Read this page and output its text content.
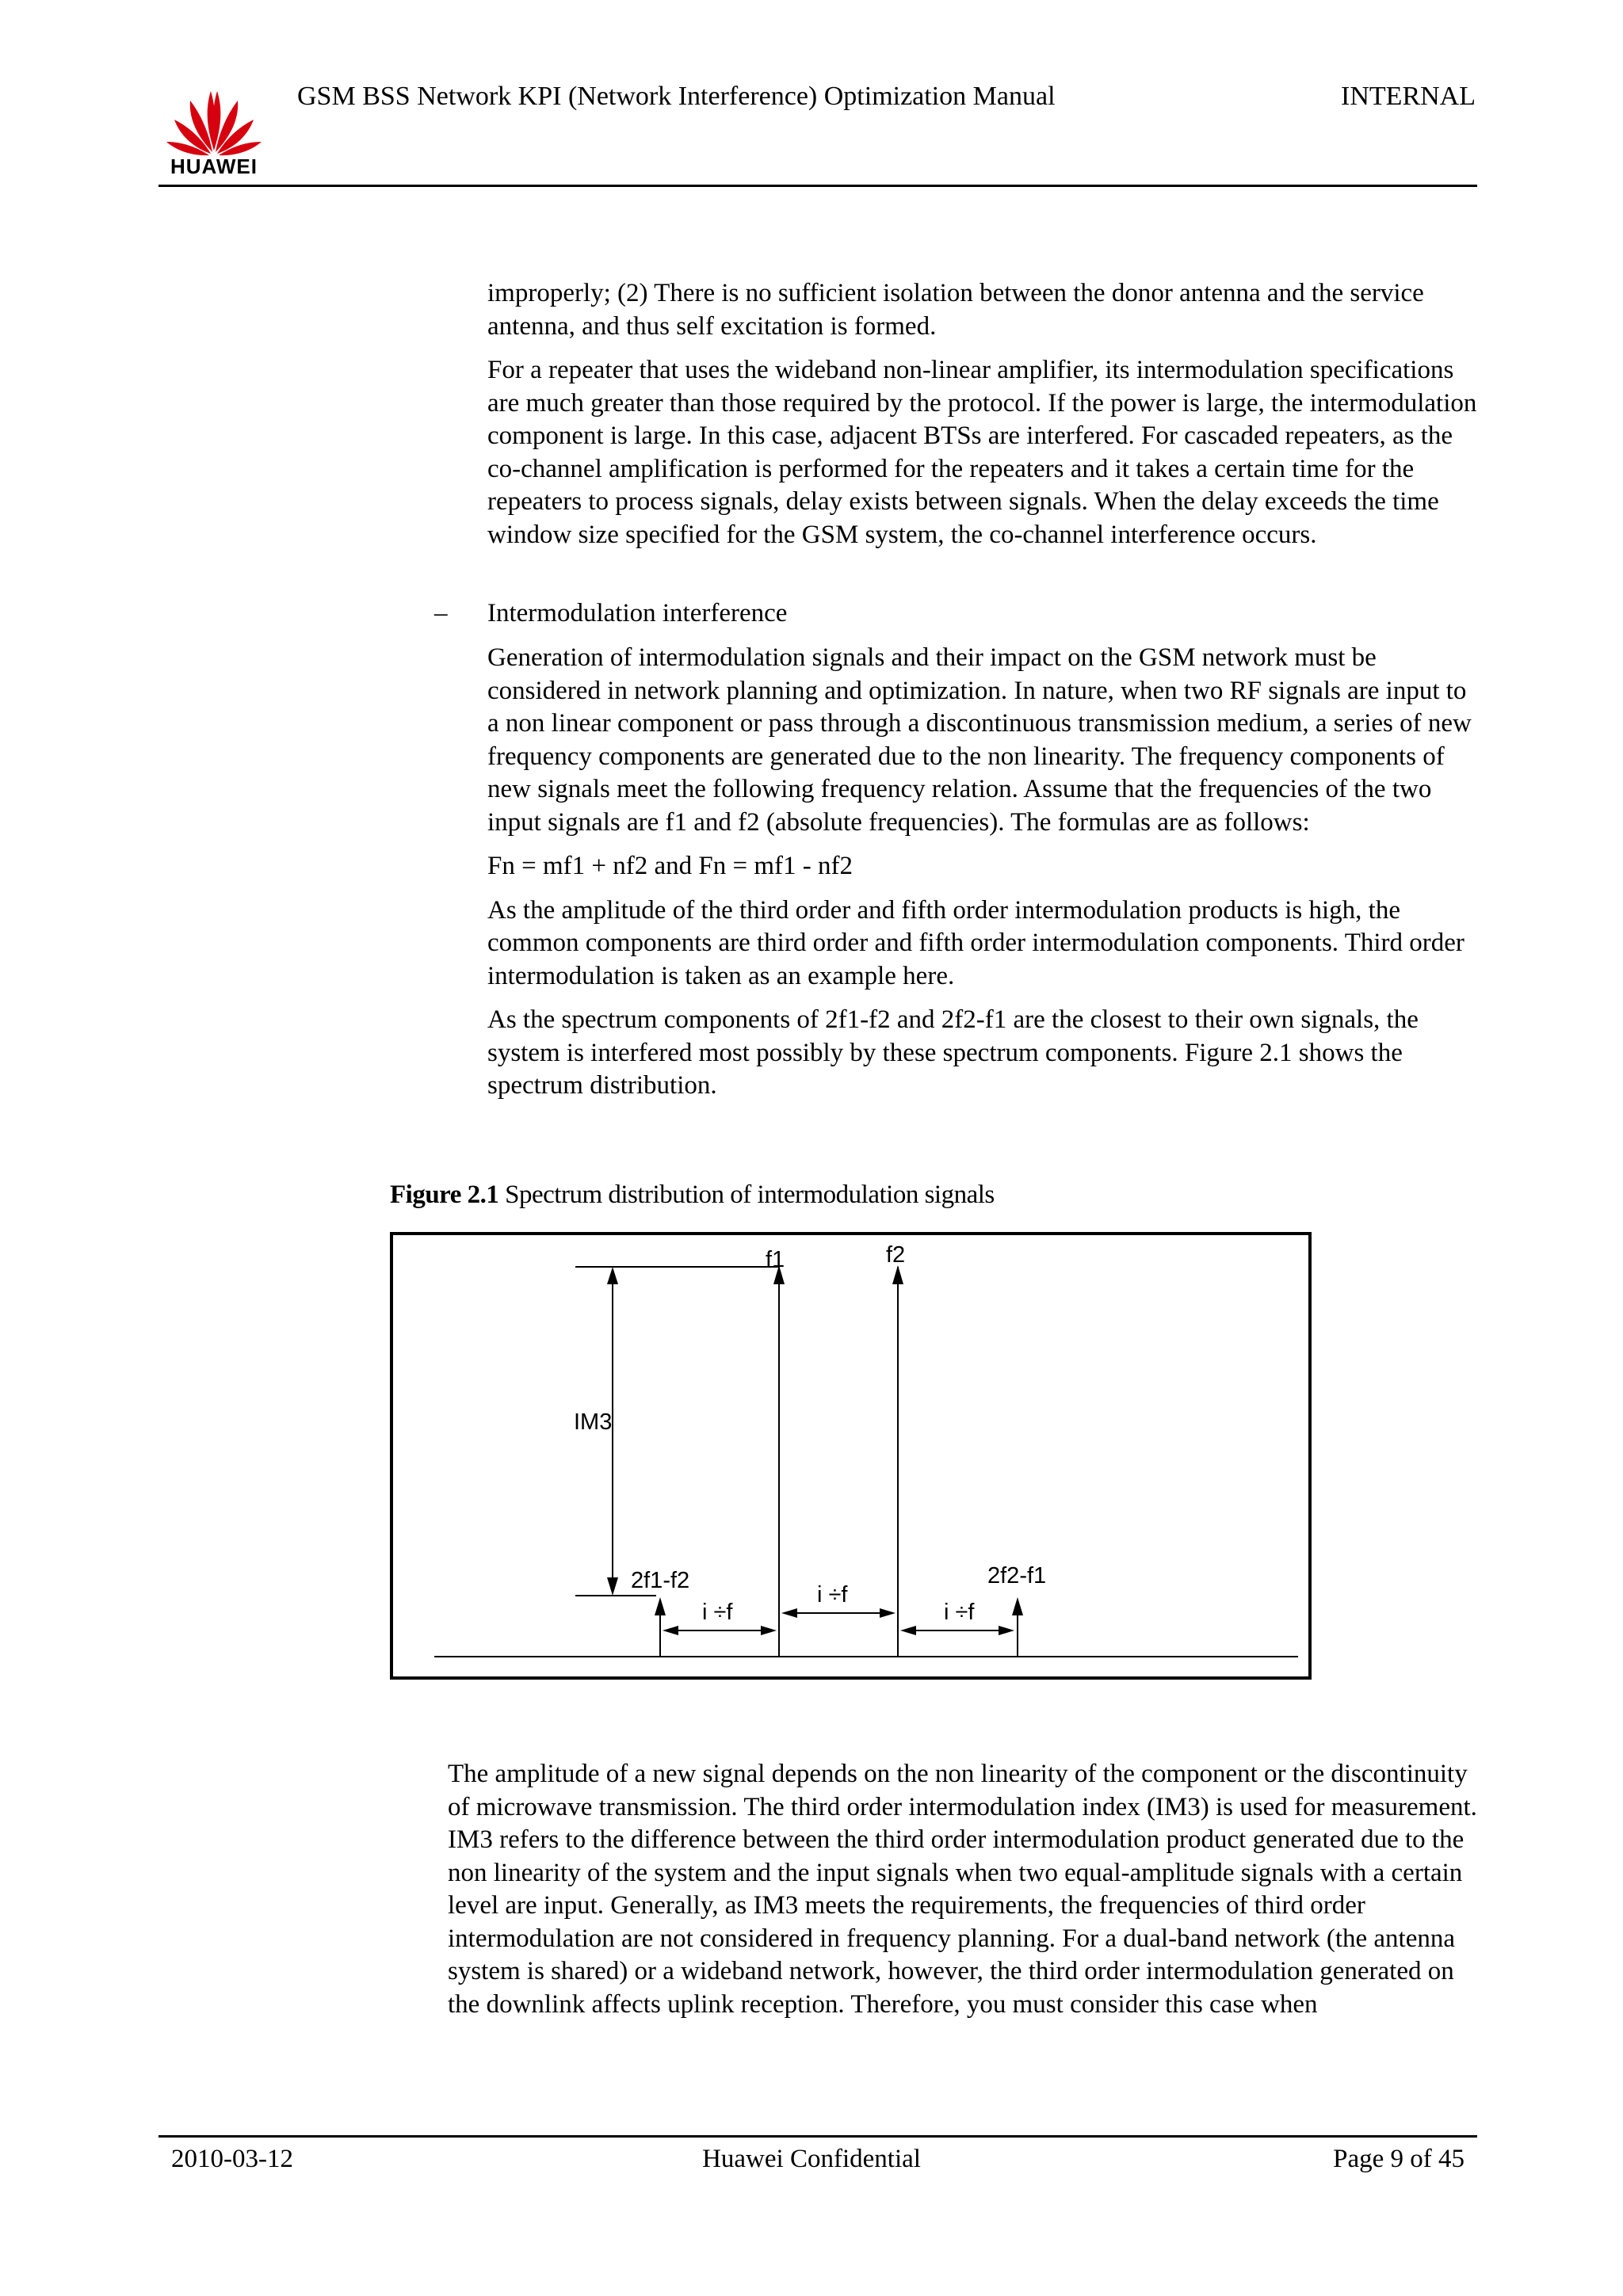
HUAWEI
GSM BSS Network KPI (Network Interference) Optimization Manual	INTERNAL

improperly; (2) There is no sufficient isolation between the donor antenna and the service antenna, and thus self excitation is formed.

For a repeater that uses the wideband non-linear amplifier, its intermodulation specifications are much greater than those required by the protocol. If the power is large, the intermodulation component is large. In this case, adjacent BTSs are interfered. For cascaded repeaters, as the co-channel amplification is performed for the repeaters and it takes a certain time for the repeaters to process signals, delay exists between signals. When the delay exceeds the time window size specified for the GSM system, the co-channel interference occurs.

– Intermodulation interference

Generation of intermodulation signals and their impact on the GSM network must be considered in network planning and optimization. In nature, when two RF signals are input to a non linear component or pass through a discontinuous transmission medium, a series of new frequency components are generated due to the non linearity. The frequency components of new signals meet the following frequency relation. Assume that the frequencies of the two input signals are f1 and f2 (absolute frequencies). The formulas are as follows:

Fn = mf1 + nf2 and Fn = mf1 - nf2

As the amplitude of the third order and fifth order intermodulation products is high, the common components are third order and fifth order intermodulation components. Third order intermodulation is taken as an example here.

As the spectrum components of 2f1-f2 and 2f2-f1 are the closest to their own signals, the system is interfered most possibly by these spectrum components. Figure 2.1 shows the spectrum distribution.

Figure 2.1 Spectrum distribution of intermodulation signals
f1	f2
IM3
2f1-f2	2f2-f1
i ÷f
i ÷f
i ÷f

The amplitude of a new signal depends on the non linearity of the component or the discontinuity of microwave transmission. The third order intermodulation index (IM3) is used for measurement. IM3 refers to the difference between the third order intermodulation product generated due to the non linearity of the system and the input signals when two equal-amplitude signals with a certain level are input. Generally, as IM3 meets the requirements, the frequencies of third order intermodulation are not considered in frequency planning. For a dual-band network (the antenna system is shared) or a wideband network, however, the third order intermodulation generated on the downlink affects uplink reception. Therefore, you must consider this case when

2010-03-12	Huawei Confidential	Page 9 of 45
